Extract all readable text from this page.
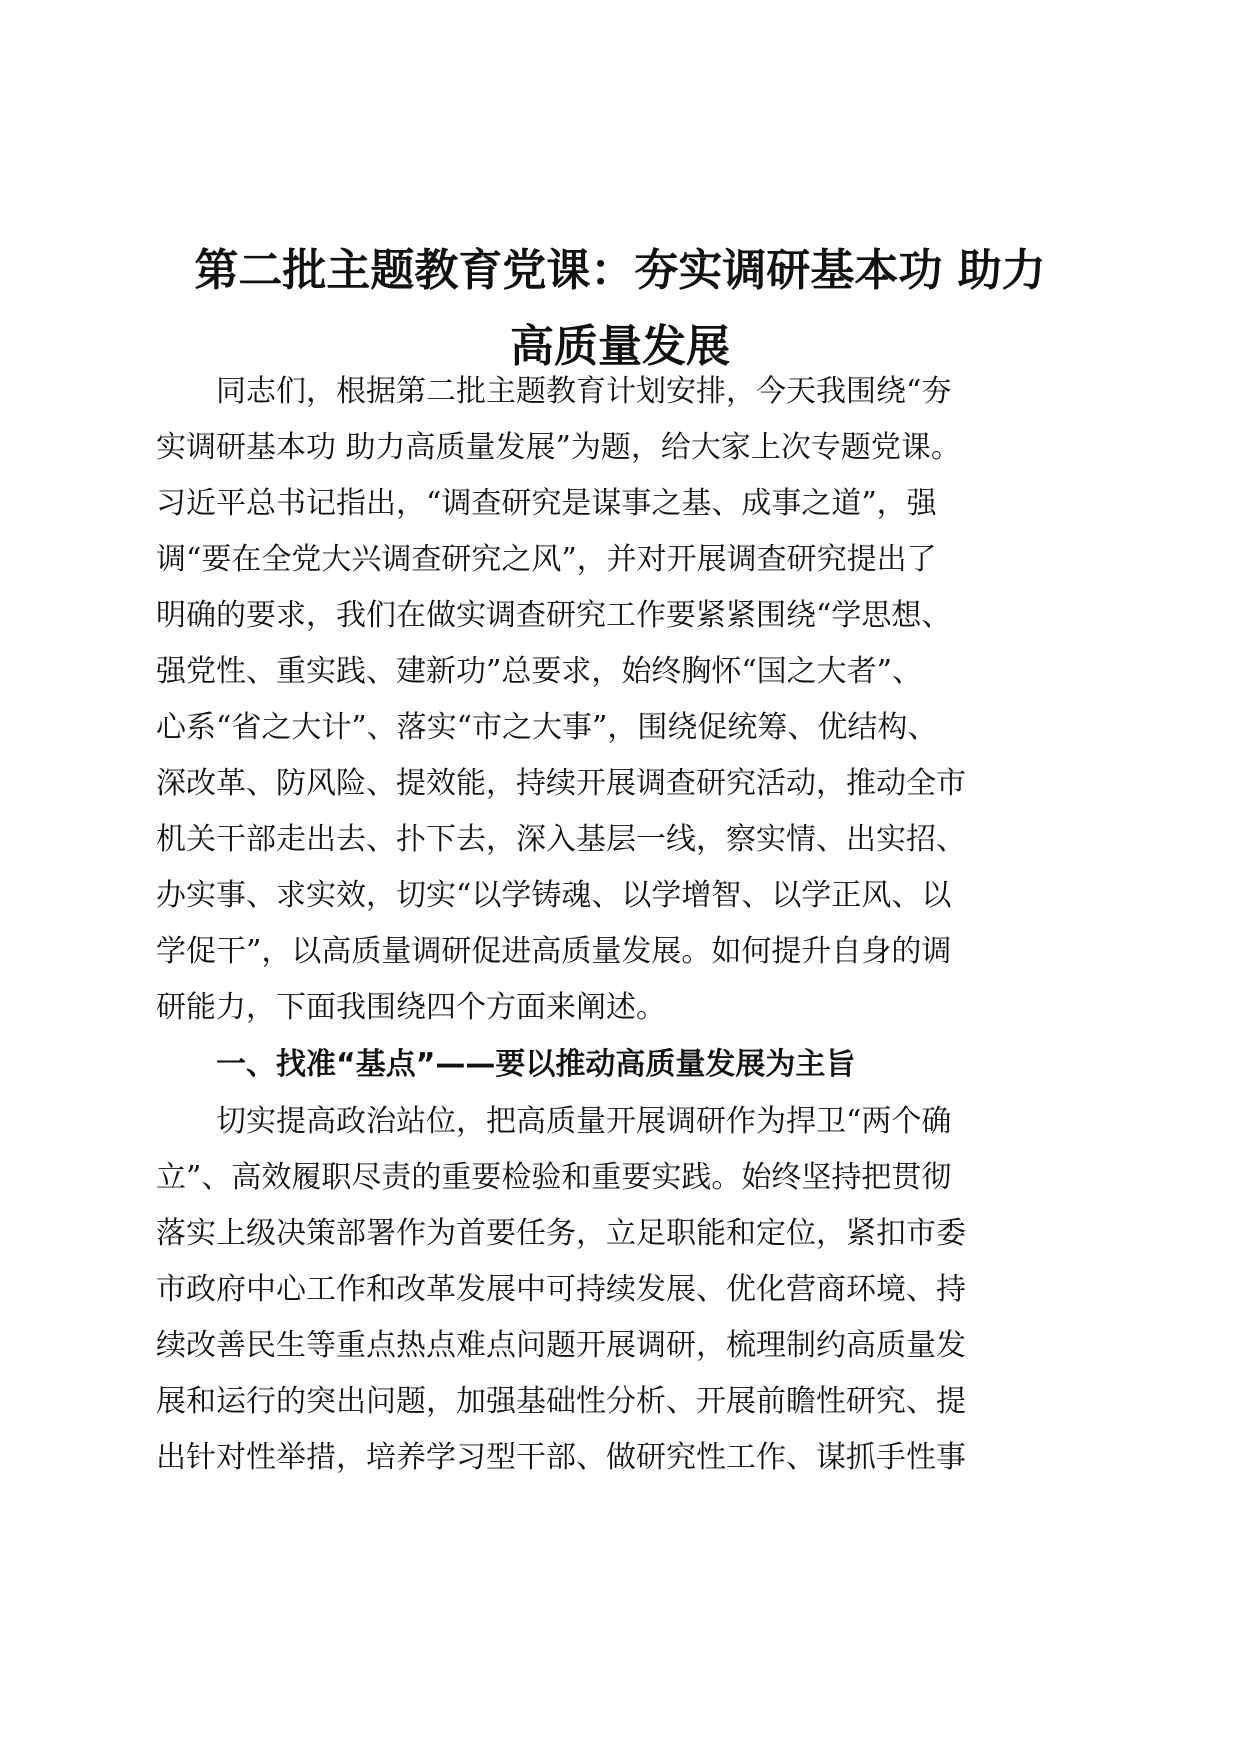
第二批主题教育党课：夯实调研基本功 助力
高质量发展
同志们，根据第二批主题教育计划安排，今天我围绕“夯
实调研基本功 助力高质量发展”为题，给大家上次专题党课。
习近平总书记指出，“调查研究是谋事之基、成事之道”，强
调“要在全党大兴调查研究之风”，并对开展调查研究提出了
明确的要求，我们在做实调查研究工作要紧紧围绕“学思想、
强党性、重实践、建新功”总要求，始终胸怀“国之大者”、
心系“省之大计”、落实“市之大事”，围绕促统筹、优结构、
深改革、防风险、提效能，持续开展调查研究活动，推动全市
机关干部走出去、扑下去，深入基层一线，察实情、出实招、
办实事、求实效，切实“以学铸魂、以学增智、以学正风、以
学促干”，以高质量调研促进高质量发展。如何提升自身的调
研能力，下面我围绕四个方面来阐述。
一、找准“基点”——要以推动高质量发展为主旨
切实提高政治站位，把高质量开展调研作为捍卫“两个确
立”、高效履职尽责的重要检验和重要实践。始终坚持把贯彻
落实上级决策部署作为首要任务，立足职能和定位，紧扣市委
市政府中心工作和改革发展中可持续发展、优化营商环境、持
续改善民生等重点热点难点问题开展调研，梳理制约高质量发
展和运行的突出问题，加强基础性分析、开展前瞻性研究、提
出针对性举措，培养学习型干部、做研究性工作、谋抓手性事
